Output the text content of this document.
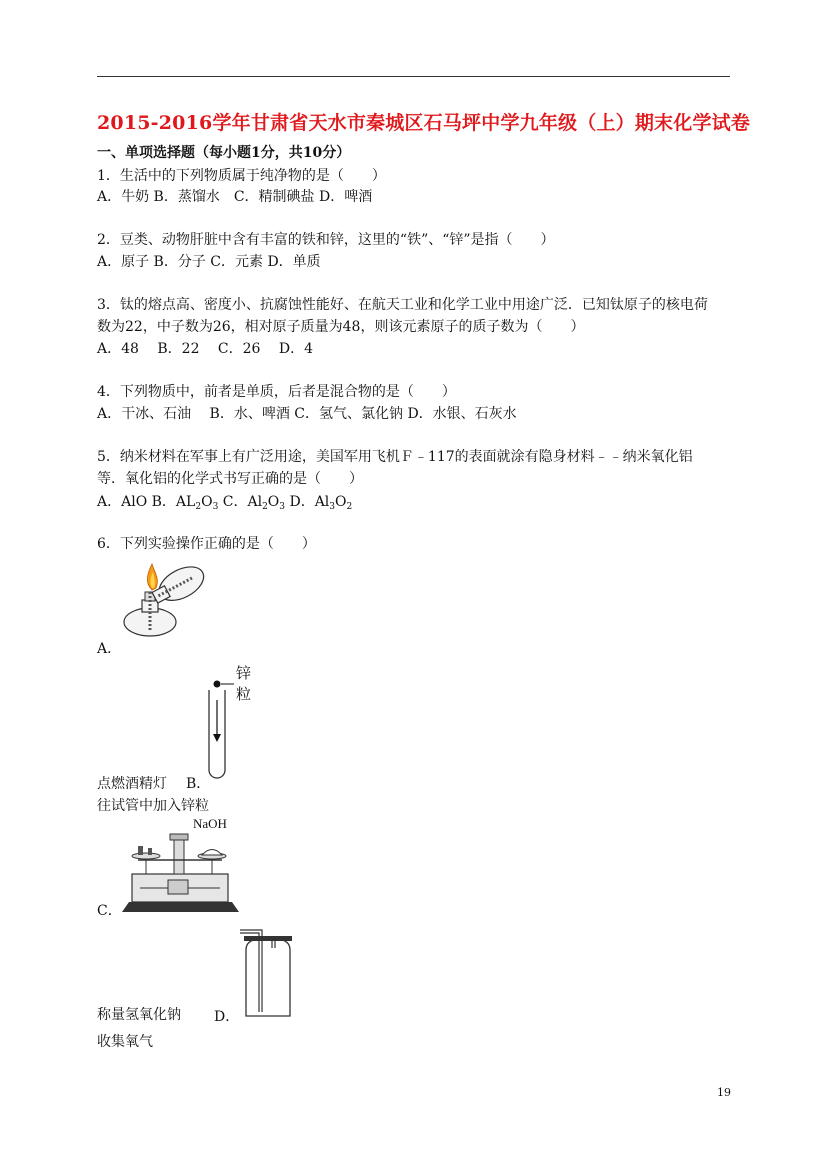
2015-2016学年甘肃省天水市秦城区石马坪中学九年级（上）期末化学试卷
一、单项选择题（每小题1分，共10分）
1．生活中的下列物质属于纯净物的是（　　）
A．牛奶 B．蒸馏水　C．精制碘盐 D．啤酒
2．豆类、动物肝脏中含有丰富的铁和锌，这里的“铁”、“锌”是指（　　）
A．原子 B．分子 C．元素 D．单质
3．钛的熔点高、密度小、抗腐蚀性能好、在航天工业和化学工业中用途广泛．已知钛原子的核电荷
数为22，中子数为26，相对原子质量为48，则该元素原子的质子数为（　　）
A．48　 B．22　 C．26　 D．4
4．下列物质中，前者是单质，后者是混合物的是（　　）
A．干冰、石油　 B．水、啤酒 C．氢气、氯化钠 D．水银、石灰水
5．纳米材料在军事上有广泛用途，美国军用飞机Ｆ﹣117的表面就涂有隐身材料﹣﹣纳米氧化铝
等．氧化铝的化学式书写正确的是（　　）
A．AlO B．$AL_2O_3$ C．$Al_2O_3$ D．$Al_3O_2$
6．下列实验操作正确的是（　　）
A．
锌
粒
点燃酒精灯 B．
往试管中加入锌粒
NaOH
C．
称量氢氧化钠 D．
收集氧气
19
